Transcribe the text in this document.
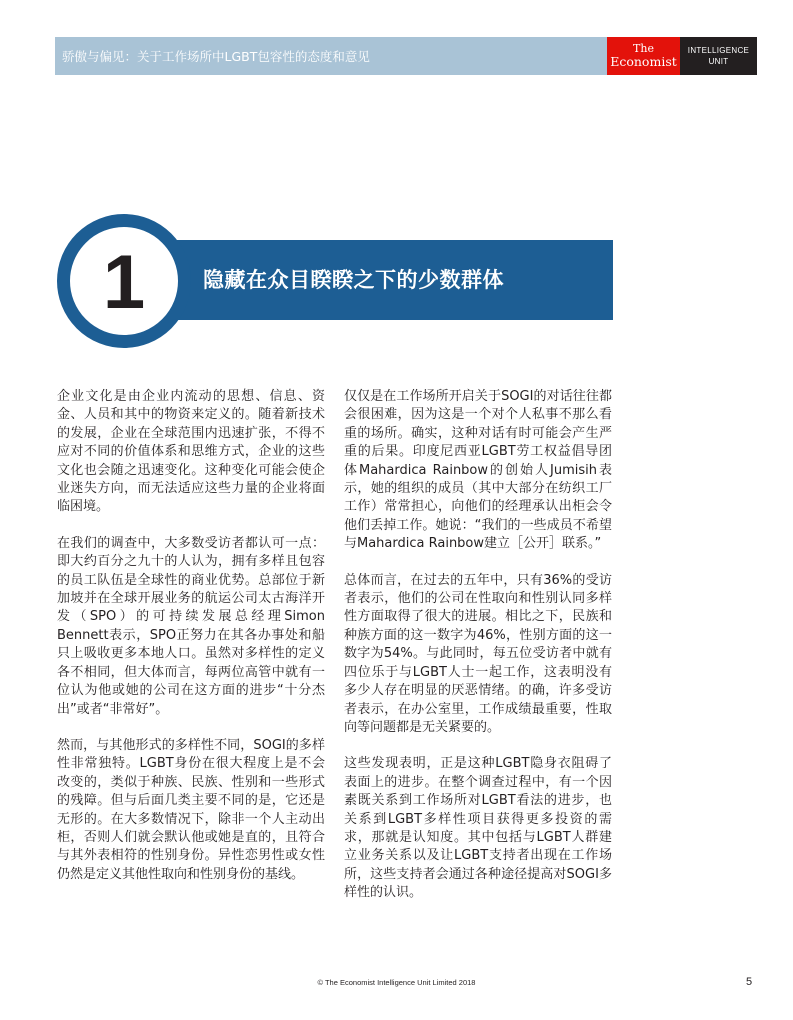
骄傲与偏见：关于工作场所中LGBT包容性的态度和意见
The
Economist
INTELLIGENCE
UNIT
隐藏在众目睽睽之下的少数群体
1

企业文化是由企业内流动的思想、信息、资金、人员和其中的物资来定义的。随着新技术的发展，企业在全球范围内迅速扩张，不得不应对不同的价值体系和思维方式，企业的这些文化也会随之迅速变化。这种变化可能会使企业迷失方向，而无法适应这些力量的企业将面临困境。

在我们的调查中，大多数受访者都认可一点：即大约百分之九十的人认为，拥有多样且包容的员工队伍是全球性的商业优势。总部位于新加坡并在全球开展业务的航运公司太古海洋开发（SPO）的可持续发展总经理Simon Bennett表示，SPO正努力在其各办事处和船只上吸收更多本地人口。虽然对多样性的定义各不相同，但大体而言，每两位高管中就有一位认为他或她的公司在这方面的进步“十分杰出”或者“非常好”。

然而，与其他形式的多样性不同，SOGI的多样性非常独特。LGBT身份在很大程度上是不会改变的，类似于种族、民族、性别和一些形式的残障。但与后面几类主要不同的是，它还是无形的。在大多数情况下，除非一个人主动出柜，否则人们就会默认他或她是直的，且符合与其外表相符的性别身份。异性恋男性或女性仍然是定义其他性取向和性别身份的基线。

仅仅是在工作场所开启关于SOGI的对话往往都会很困难，因为这是一个对个人私事不那么看重的场所。确实，这种对话有时可能会产生严重的后果。印度尼西亚LGBT劳工权益倡导团体Mahardica Rainbow的创始人Jumisih表示，她的组织的成员（其中大部分在纺织工厂工作）常常担心，向他们的经理承认出柜会令他们丢掉工作。她说：“我们的一些成员不希望与Mahardica Rainbow建立［公开］联系。”

总体而言，在过去的五年中，只有36%的受访者表示，他们的公司在性取向和性别认同多样性方面取得了很大的进展。相比之下，民族和种族方面的这一数字为46%，性别方面的这一数字为54%。与此同时，每五位受访者中就有四位乐于与LGBT人士一起工作，这表明没有多少人存在明显的厌恶情绪。的确，许多受访者表示，在办公室里，工作成绩最重要，性取向等问题都是无关紧要的。

这些发现表明，正是这种LGBT隐身衣阻碍了表面上的进步。在整个调查过程中，有一个因素既关系到工作场所对LGBT看法的进步，也关系到LGBT多样性项目获得更多投资的需求，那就是认知度。其中包括与LGBT人群建立业务关系以及让LGBT支持者出现在工作场所，这些支持者会通过各种途径提高对SOGI多样性的认识。

© The Economist Intelligence Unit Limited 2018	5
